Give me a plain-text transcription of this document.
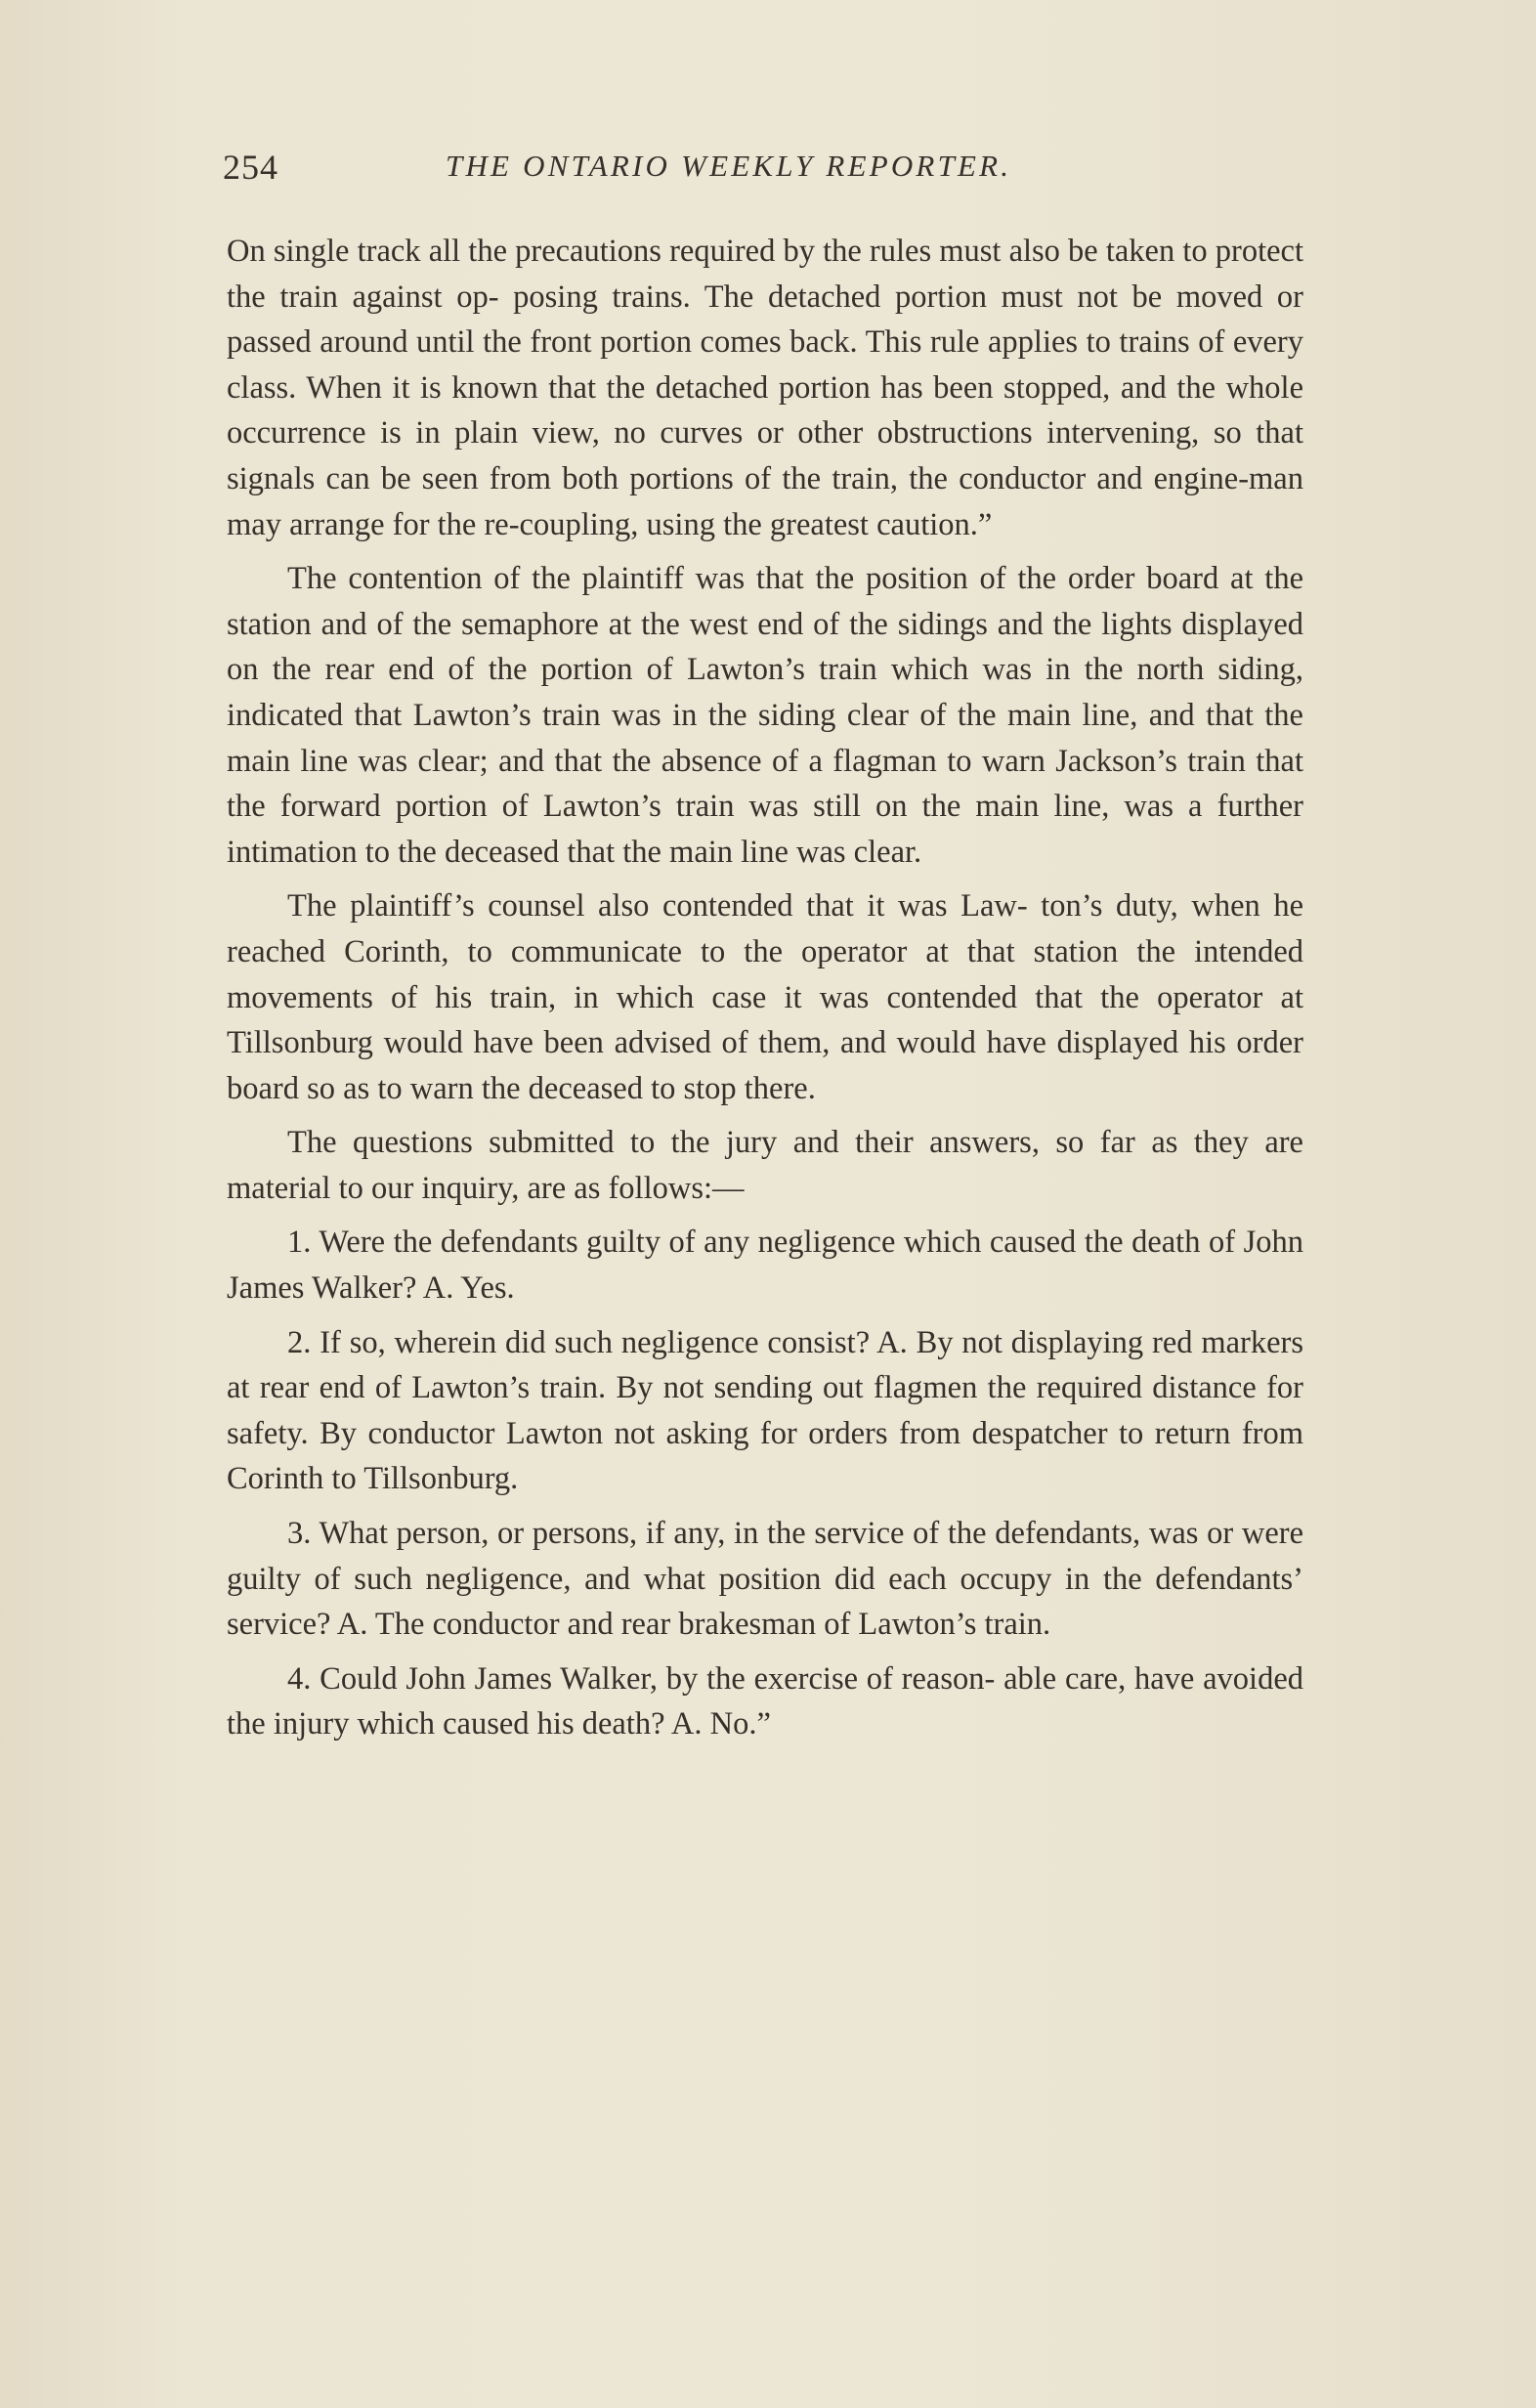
254	THE ONTARIO WEEKLY REPORTER.

On single track all the precautions required by the rules must also be taken to protect the train against op- posing trains. The detached portion must not be moved or passed around until the front portion comes back. This rule applies to trains of every class. When it is known that the detached portion has been stopped, and the whole occurrence is in plain view, no curves or other obstructions intervening, so that signals can be seen from both portions of the train, the conductor and engine-man may arrange for the re-coupling, using the greatest caution.”

The contention of the plaintiff was that the position of the order board at the station and of the semaphore at the west end of the sidings and the lights displayed on the rear end of the portion of Lawton’s train which was in the north siding, indicated that Lawton’s train was in the siding clear of the main line, and that the main line was clear; and that the absence of a flagman to warn Jackson’s train that the forward portion of Lawton’s train was still on the main line, was a further intimation to the deceased that the main line was clear.

The plaintiff’s counsel also contended that it was Law- ton’s duty, when he reached Corinth, to communicate to the operator at that station the intended movements of his train, in which case it was contended that the operator at Tillsonburg would have been advised of them, and would have displayed his order board so as to warn the deceased to stop there.

The questions submitted to the jury and their answers, so far as they are material to our inquiry, are as follows:—

1. Were the defendants guilty of any negligence which caused the death of John James Walker? A. Yes.

2. If so, wherein did such negligence consist? A. By not displaying red markers at rear end of Lawton’s train. By not sending out flagmen the required distance for safety. By conductor Lawton not asking for orders from despatcher to return from Corinth to Tillsonburg.

3. What person, or persons, if any, in the service of the defendants, was or were guilty of such negligence, and what position did each occupy in the defendants’ service? A. The conductor and rear brakesman of Lawton’s train.

4. Could John James Walker, by the exercise of reason- able care, have avoided the injury which caused his death? A. No.”
